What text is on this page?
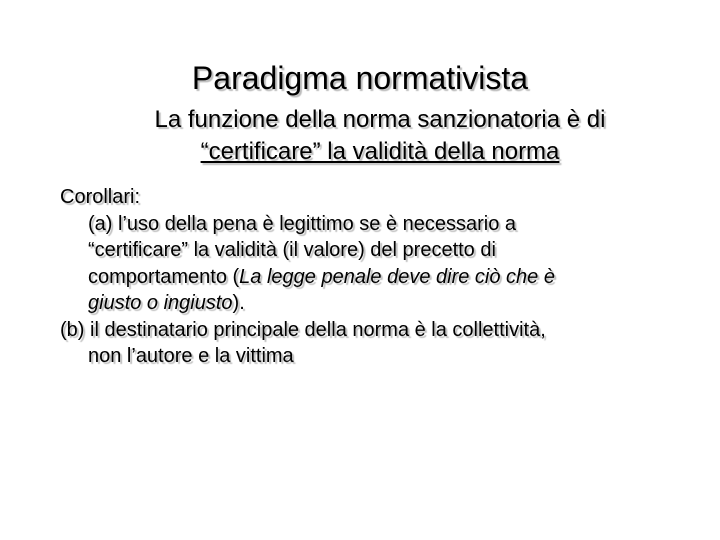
Paradigma normativista
La funzione della norma sanzionatoria è di
“certificare” la validità della norma
Corollari:
(a) l’uso della pena è legittimo se è necessario a
“certificare” la validità (il valore) del precetto di
comportamento (La legge penale deve dire ciò che è
giusto o ingiusto).
(b) il destinatario principale della norma è la collettività,
non l’autore e la vittima
